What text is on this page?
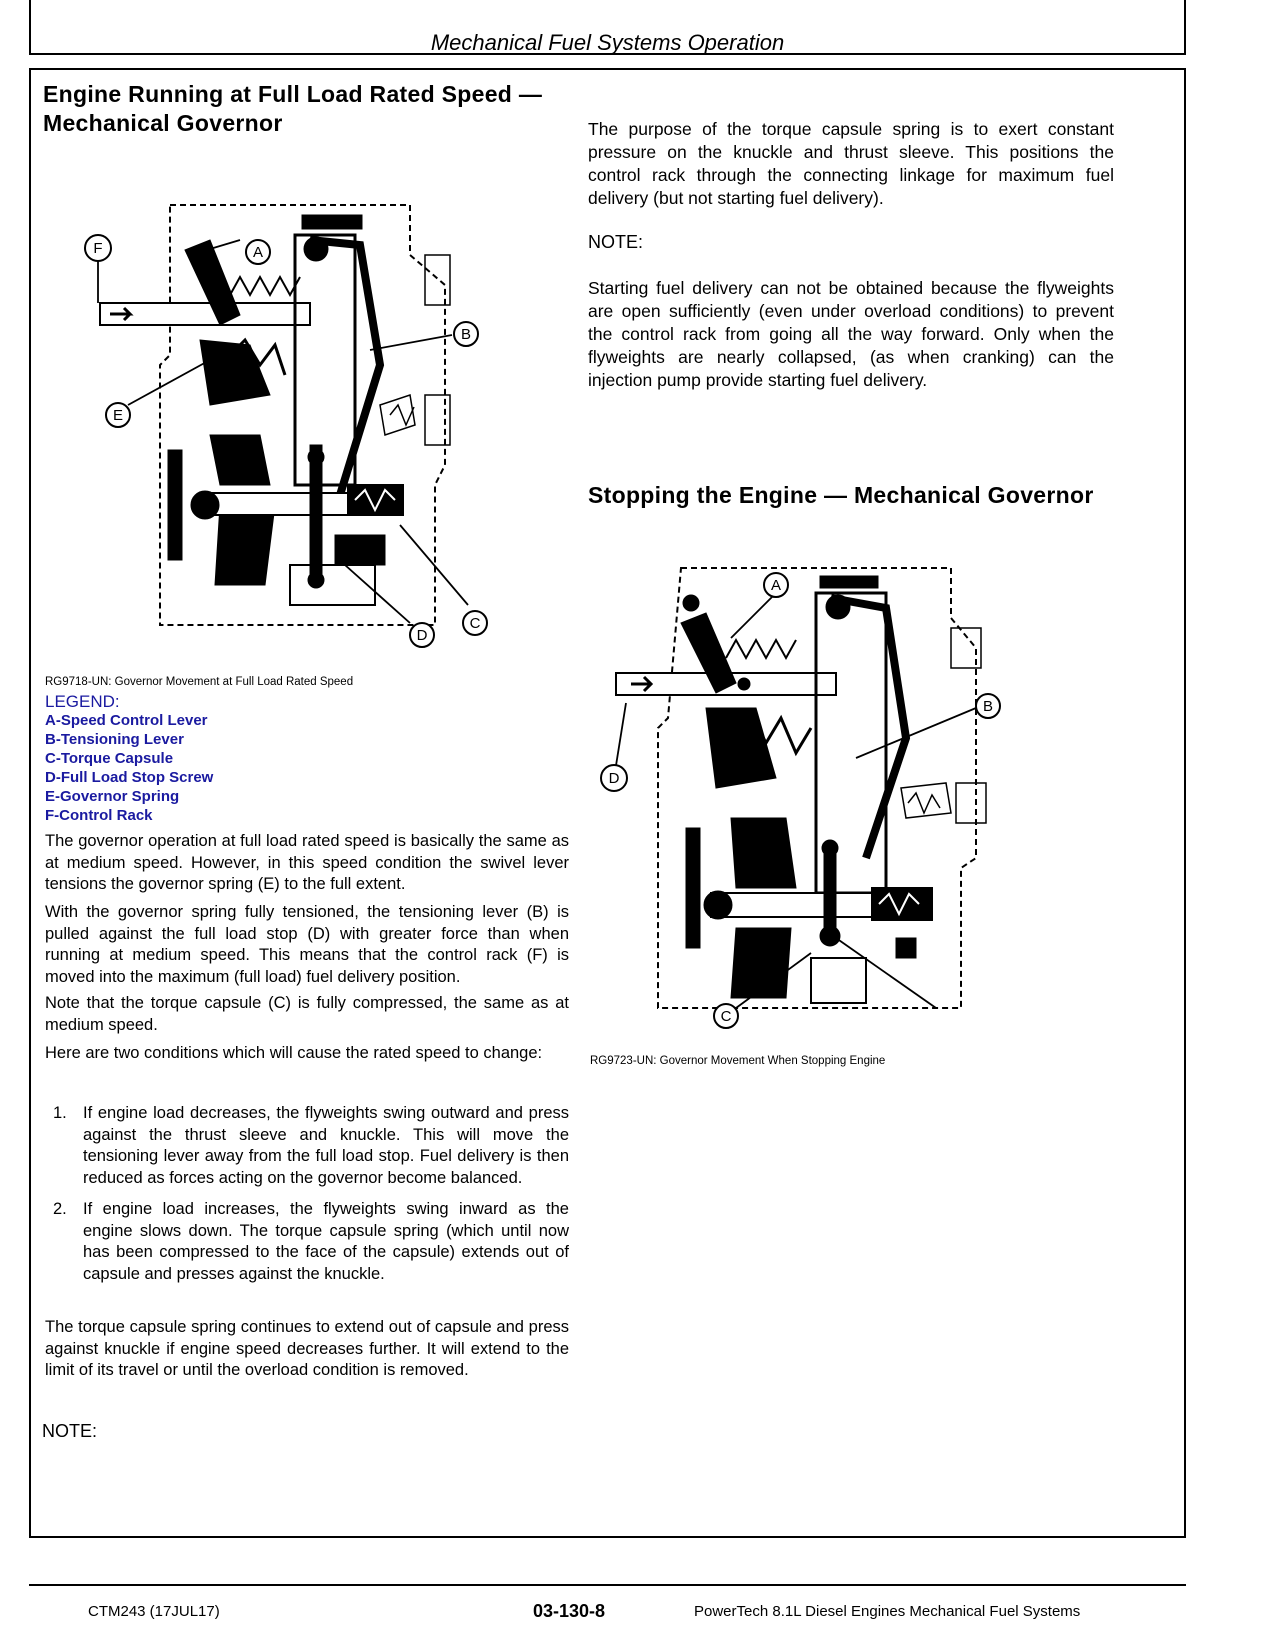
Mechanical Fuel Systems Operation
Engine Running at Full Load Rated Speed —
Mechanical Governor
F	A
B
E
C
D
RG9718-UN: Governor Movement at Full Load Rated Speed
LEGEND:
A-Speed Control Lever
B-Tensioning Lever
C-Torque Capsule
D-Full Load Stop Screw
E-Governor Spring
F-Control Rack
The governor operation at full load rated speed is basically the same as at medium speed. However, in this speed condition the swivel lever tensions the governor spring (E) to the full extent.
With the governor spring fully tensioned, the tensioning lever (B) is pulled against the full load stop (D) with greater force than when running at medium speed. This means that the control rack (F) is moved into the maximum (full load) fuel delivery position.
Note that the torque capsule (C) is fully compressed, the same as at medium speed.
Here are two conditions which will cause the rated speed to change:
1. If engine load decreases, the flyweights swing outward and press against the thrust sleeve and knuckle. This will move the tensioning lever away from the full load stop. Fuel delivery is then reduced as forces acting on the governor become balanced.
2. If engine load increases, the flyweights swing inward as the engine slows down. The torque capsule spring (which until now has been compressed to the face of the capsule) extends out of capsule and presses against the knuckle.
The torque capsule spring continues to extend out of capsule and press against knuckle if engine speed decreases further. It will extend to the limit of its travel or until the overload condition is removed.
NOTE:
The purpose of the torque capsule spring is to exert constant pressure on the knuckle and thrust sleeve. This positions the control rack through the connecting linkage for maximum fuel delivery (but not starting fuel delivery).
NOTE:
Starting fuel delivery can not be obtained because the flyweights are open sufficiently (even under overload conditions) to prevent the control rack from going all the way forward. Only when the flyweights are nearly collapsed, (as when cranking) can the injection pump provide starting fuel delivery.
Stopping the Engine — Mechanical Governor
A
B
D
C
RG9723-UN: Governor Movement When Stopping Engine
CTM243 (17JUL17)	03-130-8	PowerTech 8.1L Diesel Engines Mechanical Fuel Systems
